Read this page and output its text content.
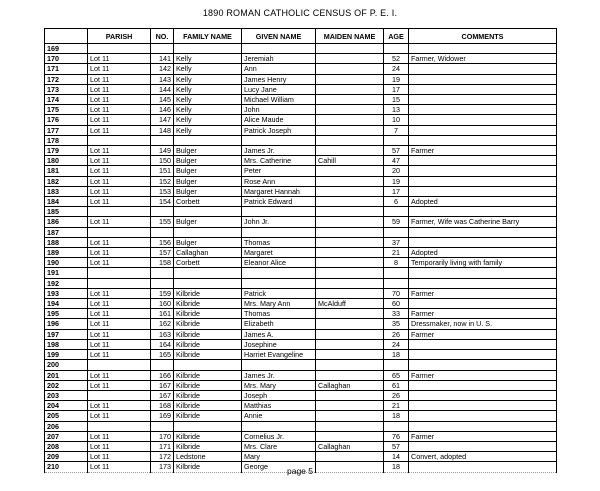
1890 ROMAN CATHOLIC CENSUS OF P. E. I.
	PARISH	NO.	FAMILY NAME	GIVEN NAME	MAIDEN NAME	AGE	COMMENTS
169							
170	Lot 11	141	Kelly	Jeremiah		52	Farmer, Widower
171	Lot 11	142	Kelly	Ann		24	
172	Lot 11	143	Kelly	James Henry		19	
173	Lot 11	144	Kelly	Lucy Jane		17	
174	Lot 11	145	Kelly	Michael William		15	
175	Lot 11	146	Kelly	John		13	
176	Lot 11	147	Kelly	Alice Maude		10	
177	Lot 11	148	Kelly	Patrick Joseph		7	
178							
179	Lot 11	149	Bulger	James Jr.		57	Farmer
180	Lot 11	150	Bulger	Mrs. Catherine	Cahill	47	
181	Lot 11	151	Bulger	Peter		20	
182	Lot 11	152	Bulger	Rose Ann		19	
183	Lot 11	153	Bulger	Margaret Hannah		17	
184	Lot 11	154	Corbett	Patrick Edward		6	Adopted
185							
186	Lot 11	155	Bulger	John Jr.		59	Farmer, Wife was Catherine Barry
187							
188	Lot 11	156	Bulger	Thomas		37	
189	Lot 11	157	Callaghan	Margaret		21	Adopted
190	Lot 11	158	Corbett	Eleanor Alice		8	Temporarily living with family
191							
192							
193	Lot 11	159	Kilbride	Patrick		70	Farmer
194	Lot 11	160	Kilbride	Mrs. Mary Ann	McAlduff	60	
195	Lot 11	161	Kilbride	Thomas		33	Farmer
196	Lot 11	162	Kilbride	Elizabeth		35	Dressmaker, now in U. S.
197	Lot 11	163	Kilbride	James A.		26	Farmer
198	Lot 11	164	Kilbride	Josephine		24	
199	Lot 11	165	Kilbride	Harriet Evangeline		18	
200							
201	Lot 11	166	Kilbride	James Jr.		65	Farmer
202	Lot 11	167	Kilbride	Mrs. Mary	Callaghan	61	
203		167	Kilbride	Joseph		26	
204	Lot 11	168	Kilbride	Matthias		21	
205	Lot 11	169	Kilbride	Annie		18	
206							
207	Lot 11	170	Kilbride	Cornelius Jr.		76	Farmer
208	Lot 11	171	Kilbride	Mrs. Clare	Callaghan	57	
209	Lot 11	172	Ledstone	Mary		14	Convert, adopted
210	Lot 11	173	Kilbride	George		18	
page 5
